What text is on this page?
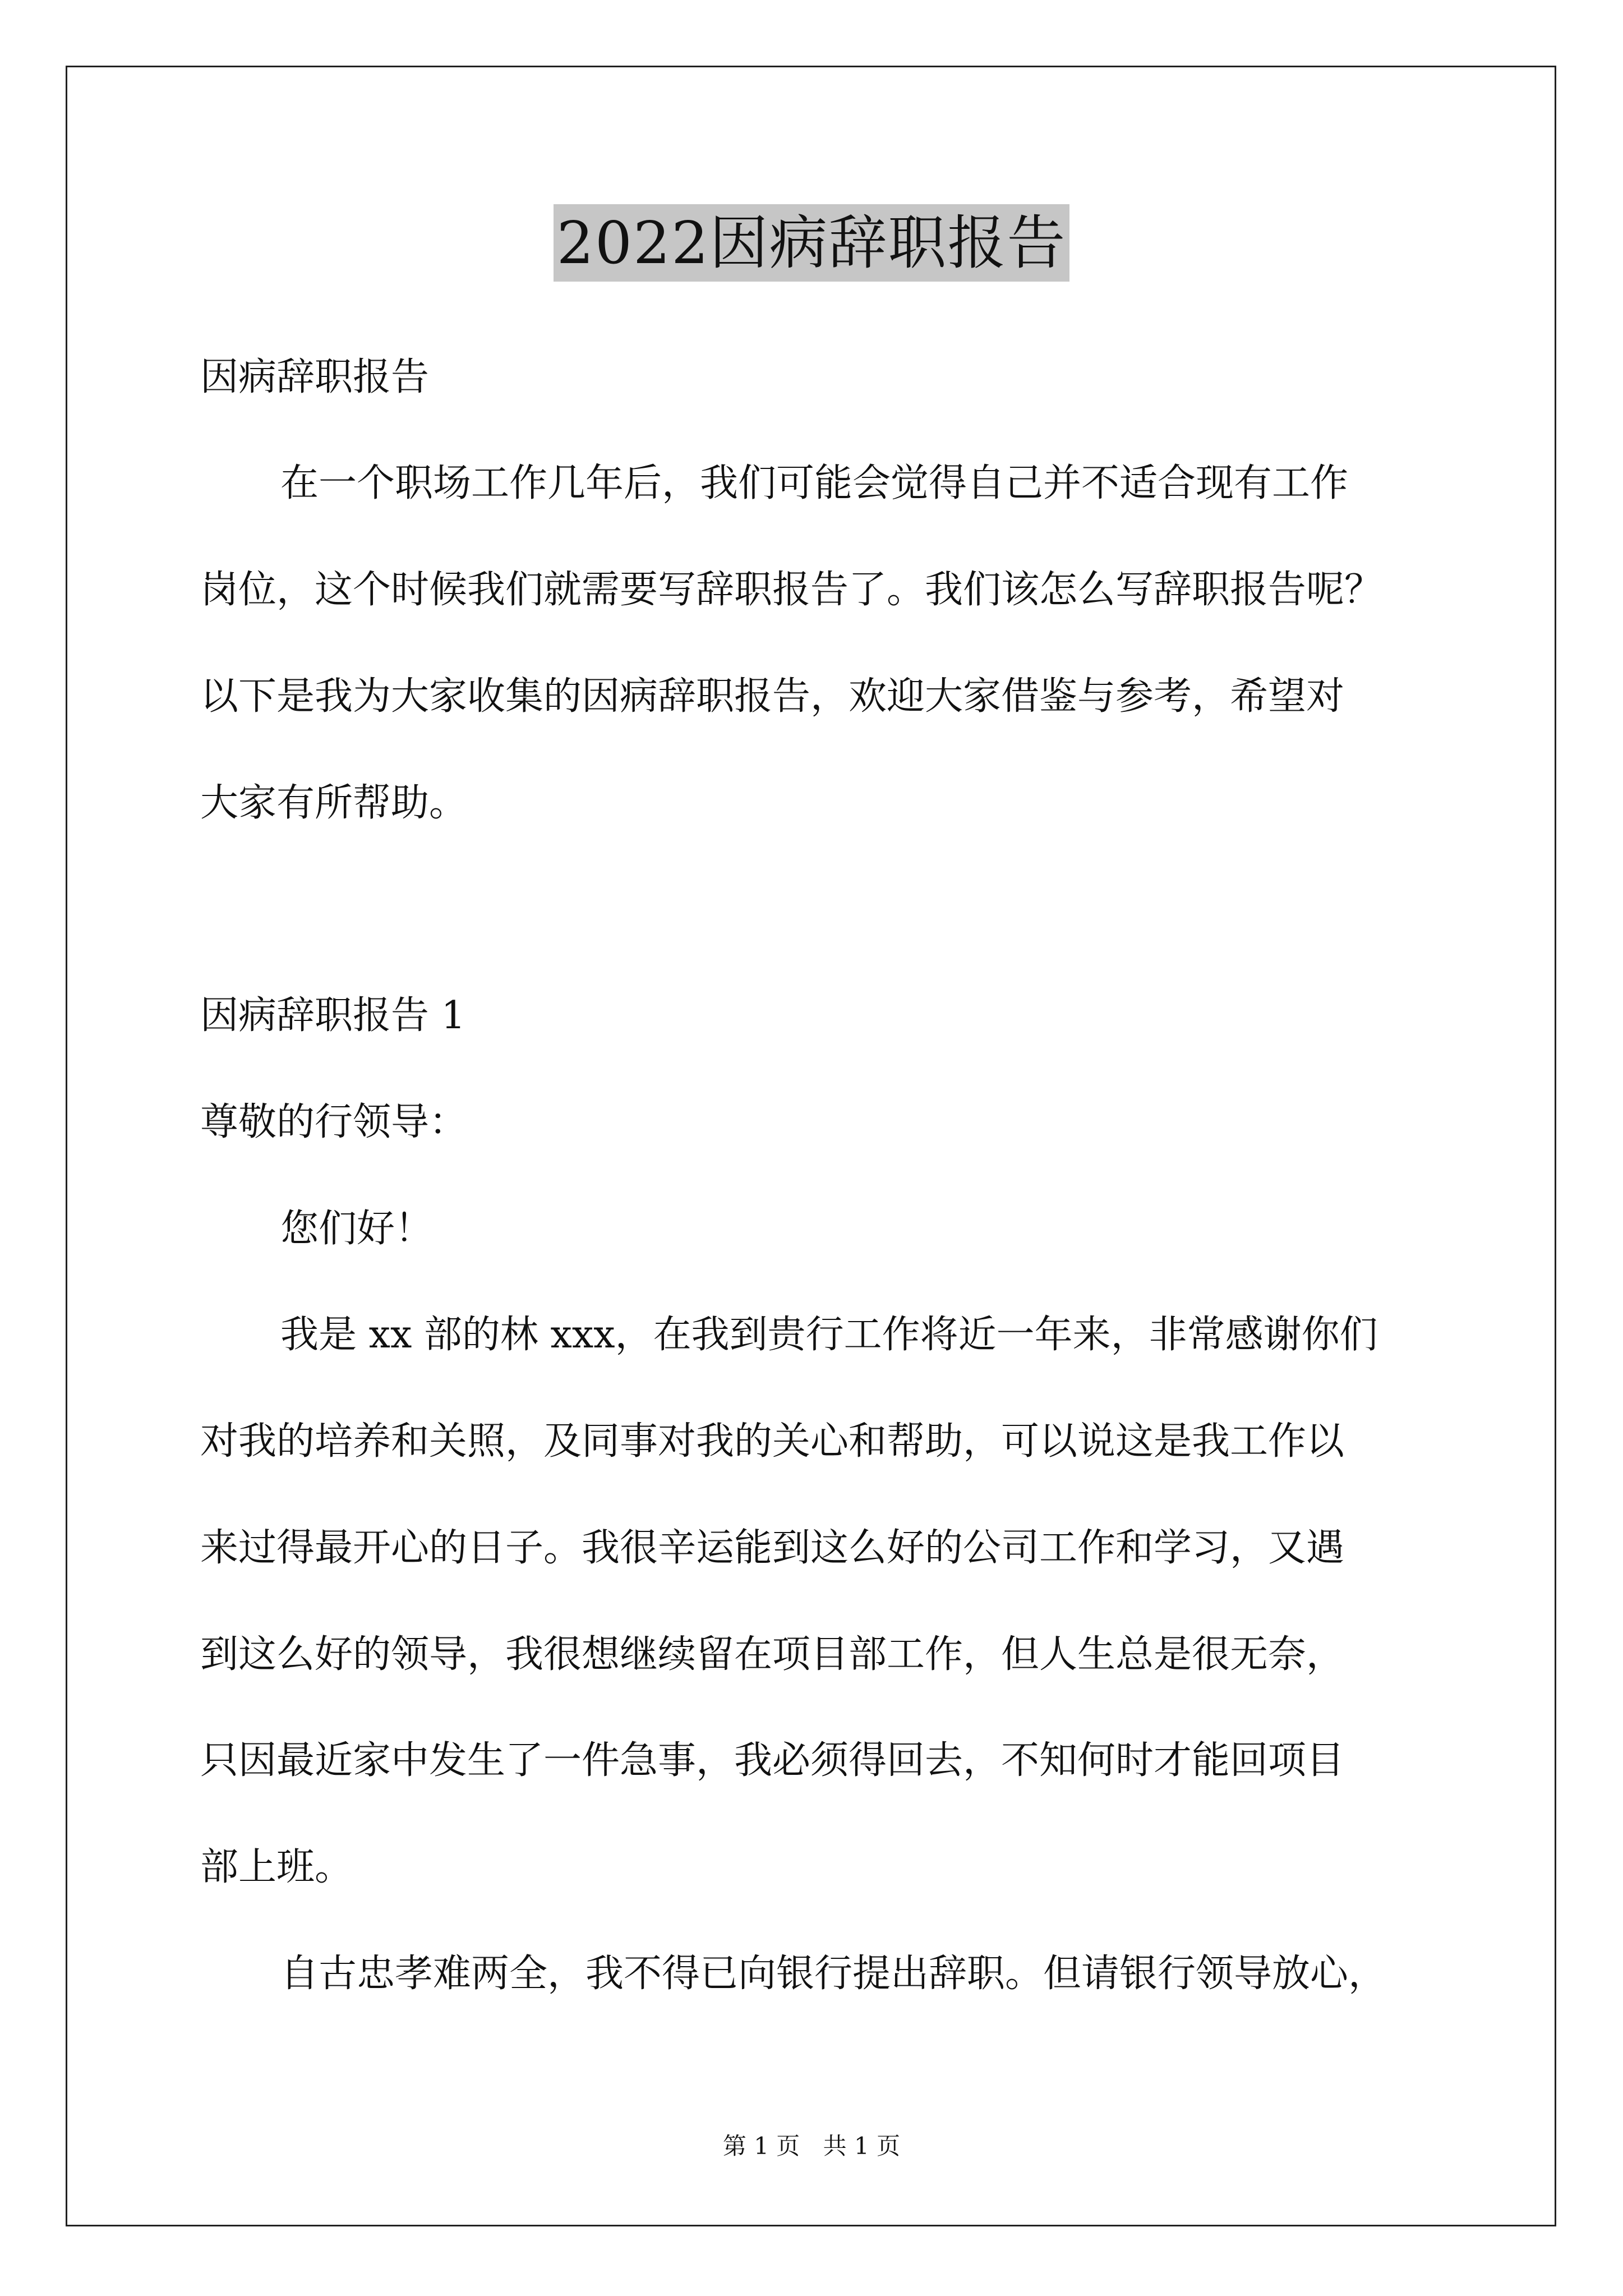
2022因病辞职报告

因病辞职报告

在一个职场工作几年后，我们可能会觉得自己并不适合现有工作

岗位，这个时候我们就需要写辞职报告了。我们该怎么写辞职报告呢？

以下是我为大家收集的因病辞职报告，欢迎大家借鉴与参考，希望对

大家有所帮助。

因病辞职报告 1

尊敬的行领导：

您们好！

我是 xx 部的林 xxx，在我到贵行工作将近一年来，非常感谢你们

对我的培养和关照，及同事对我的关心和帮助，可以说这是我工作以

来过得最开心的日子。我很辛运能到这么好的公司工作和学习，又遇

到这么好的领导，我很想继续留在项目部工作，但人生总是很无奈，

只因最近家中发生了一件急事，我必须得回去，不知何时才能回项目

部上班。

自古忠孝难两全，我不得已向银行提出辞职。但请银行领导放心，

第 1 页 共 1 页
